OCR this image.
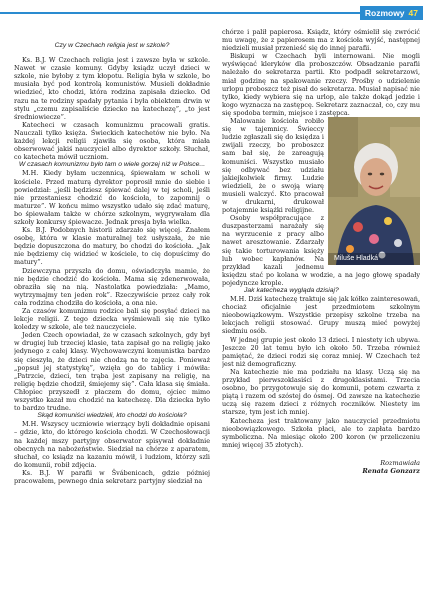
Rozmowy 47

Czy w Czechach religia jest w szkole?

Ks. B.J. W Czechach religia jest i zawsze była w szkole. Nawet w czasie komuny. Gdyby ksiądz uczył dzieci w szkole, nie byłoby z tym kłopotu. Religia była w szkole, bo musiała być pod kontrolą komunistów. Musieli dokładnie wiedzieć, kto chodzi, która rodzina zapisała dziecko. Od razu na te rodziny spadały pytania i była obiektem drwin w stylu „czemu zapisaliście dziecko na katechezę”, „to jest średniowiecze”.

Katecheci w czasach komunizmu pracowali gratis. Nauczali tylko księża. Świeckich katechetów nie było. Na każdej lekcji religii zjawiła się osoba, która miała obserwować jakiś nauczyciel albo dyrektor szkoły. Słuchał, co katecheta mówił uczniom.

W czasach komunizmu było tam o wiele gorzej niż w Polsce...

M.H. Kiedy byłam uczennicą, śpiewałam w scholi w kościele. Przed maturą dyrektor poprosił mnie do siebie i powiedział: „jeśli będziesz śpiewać dalej w tej scholi, jeśli nie przestaniesz chodzić do kościoła, to zapomnij o maturze”. W końcu mimo wszystko udało się zdać maturę, bo śpiewałam także w chórze szkolnym, wygrywałam dla szkoły konkursy śpiewacze. Jednak presja była wielka.

Ks. B.J. Podobnych historii zdarzało się więcej. Znałem osobę, która w klasie maturalnej też usłyszała, że nie będzie dopuszczona do matury, bo chodzi do kościoła. „Jak nie będziemy cię widzieć w kościele, to cię dopuścimy do matury”.

Dziewczyna przyszła do domu, oświadczyła mamie, że nie będzie chodzić do kościoła. Mama się zdenerwowała, obraziła się na nią. Nastolatka powiedziała: „Mamo, wytrzymajmy ten jeden rok”. Rzeczywiście przez cały rok cała rodzina chodziła do kościoła, a ona nie.

Za czasów komunizmu rodzice bali się posyłać dzieci na lekcje religii. Z tego dziecka wyśmiewali się nie tylko koledzy w szkole, ale też nauczyciele.

Jeden Czech opowiadał, że w czasach szkolnych, gdy był w drugiej lub trzeciej klasie, tata zapisał go na religię jako jedynego z całej klasy. Wychowawczyni komunistka bardzo się cieszyła, że dzieci nie chodzą na te zajęcia. Ponieważ „popsuł jej statystykę”, wzięła go do tablicy i mówiła: „Patrzcie, dzieci, ten trąba jest zapisany na religię, na religię będzie chodził, śmiejemy się”. Cała klasa się śmiała. Chłopiec przyszedł z płaczem do domu, ojciec mimo wszystko kazał mu chodzić na katechezę. Dla dziecka było to bardzo trudne.

Skąd komuniści wiedzieli, kto chodzi do kościoła?

M.H. Wszyscy uczniowie wierzący byli dokładnie opisani – gdzie, kto, do którego kościoła chodzi. W Czechosłowacji na każdej mszy partyjny obserwator spisywał dokładnie obecnych na nabożeństwie. Siedział na chórze z aparatem, słuchał, co ksiądz na kazaniu mówił, i ludziom, którzy szli do komunii, robił zdjęcia.

Ks. B.J. W parafii w Švábenicach, gdzie później pracowałem, pewnego dnia sekretarz partyjny siedział na

chórze i palił papierosa. Ksiądz, który ośmielił się zwrócić mu uwagę, że z papierosem ma z kościoła wyjść, następnej niedzieli musiał przenieść się do innej parafii.

Biskupi w Czechach byli internowani. Nie mogli wyświęcać kleryków dla proboszczów. Obsadzanie parafii należało do sekretarza partii. Kto podpadł sekretarzowi, miał godzinę na spakowanie rzeczy. Prośby o udzielenie urlopu proboszcz też pisał do sekretarza. Musiał napisać nie tylko, kiedy wybiera się na urlop, ale także dokąd jedzie i kogo wyznacza na zastępcę. Sekretarz zaznaczał, co, czy mu się spodoba termin, miejsce i zastępca.

Miluše Hladká

Malowanie kościoła robiło się w tajemnicy. Świeccy ludzie zgłaszali się do księdza i zwijali rzeczy, bo proboszcz sam bał się, że zareagują komuniści. Wszystko musiało się odbywać bez udziału jakiejkolwiek firmy. Ludzie wiedzieli, że o swoją wiarę musieli walczyć. Kto pracował w drukarni, drukował potajemnie książki religijne.

Osoby współpracujące z duszpasterzami narażały się na wyrzucenie z pracy albo nawet aresztowanie. Zdarzały się takie torturowania księży lub wobec kapłanów. Na przykład kazali jednemu księdzu stać po kolana w wodzie, a na jego głowę spadały pojedyncze krople.

Jak katecheza wygląda dzisiaj?

M.H. Dziś katechezę traktuje się jak kółko zainteresowań, chociaż oficjalnie jest przedmiotem szkolnym nieobowiązkowym. Wszystkie przepisy szkolne trzeba na lekcjach religii stosować. Grupy muszą mieć powyżej siedmiu osób.

W jednej grupie jest około 13 dzieci. I niestety ich ubywa. Jeszcze 20 lat temu było ich około 50. Trzeba również pamiętać, że dzieci rodzi się coraz mniej. W Czechach też jest niż demograficzny.

Na katechezie nie ma podziału na klasy. Uczą się na przykład pierwszoklasiści z drugoklasistami. Trzecia osobno, bo przygotowuje się do komunii, potem czwarta z piątą i razem od szóstej do ósmej. Od zawsze na katechezie uczą się razem dzieci z różnych roczników. Niestety im starsze, tym jest ich mniej.

Katecheza jest traktowany jako nauczyciel przedmiotu nieobowiązkowego. Szkoła płaci, ale to zapłata bardzo symboliczna. Na miesiąc około 200 koron (w przeliczeniu mniej więcej 35 złotych).

Rozmawiała
Renata Gonzarz
